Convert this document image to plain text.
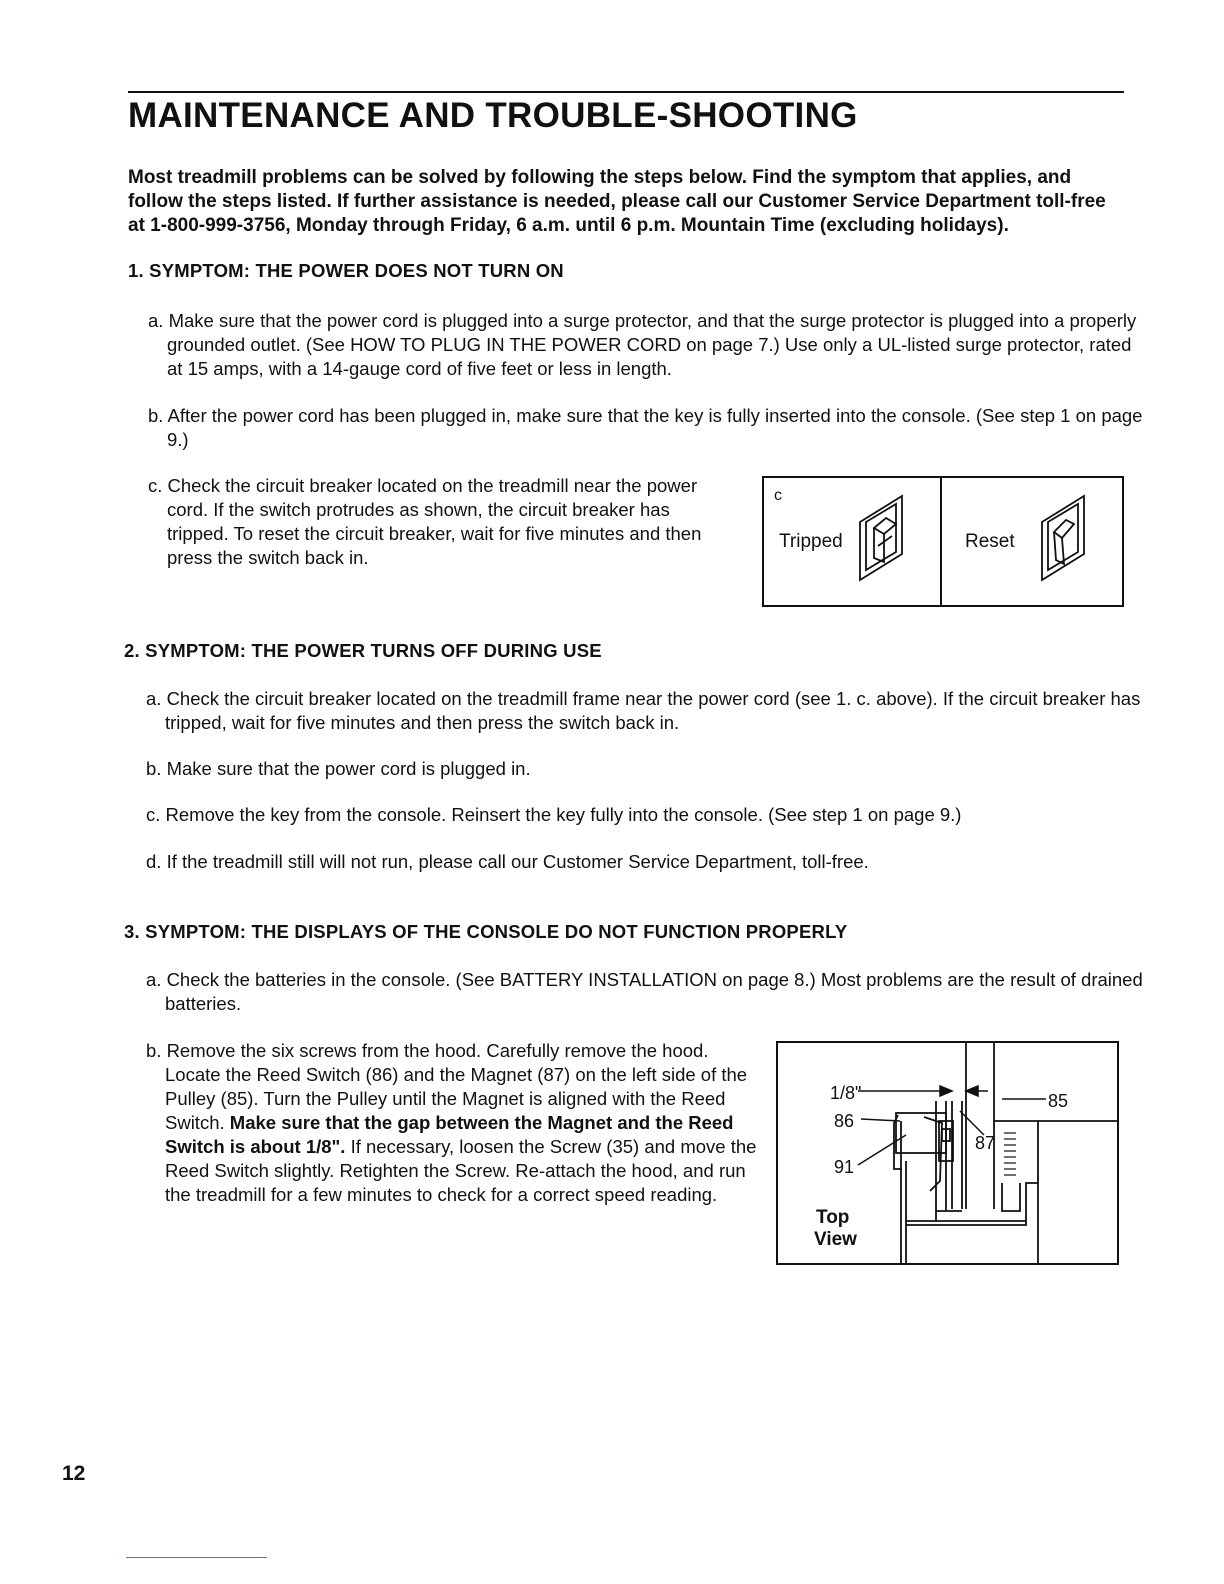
MAINTENANCE AND TROUBLE-SHOOTING

Most treadmill problems can be solved by following the steps below. Find the symptom that applies, and follow the steps listed. If further assistance is needed, please call our Customer Service Department toll-free at 1-800-999-3756, Monday through Friday, 6 a.m. until 6 p.m. Mountain Time (excluding holidays).

1. SYMPTOM: THE POWER DOES NOT TURN ON

a. Make sure that the power cord is plugged into a surge protector, and that the surge protector is plugged into a properly grounded outlet. (See HOW TO PLUG IN THE POWER CORD on page 7.) Use only a UL-listed surge protector, rated at 15 amps, with a 14-gauge cord of five feet or less in length.

b. After the power cord has been plugged in, make sure that the key is fully inserted into the console. (See step 1 on page 9.)

c. Check the circuit breaker located on the treadmill near the power cord. If the switch protrudes as shown, the circuit breaker has tripped. To reset the circuit breaker, wait for five minutes and then press the switch back in.

c
Tripped	Reset

2. SYMPTOM: THE POWER TURNS OFF DURING USE

a. Check the circuit breaker located on the treadmill frame near the power cord (see 1. c. above). If the circuit breaker has tripped, wait for five minutes and then press the switch back in.

b. Make sure that the power cord is plugged in.

c. Remove the key from the console. Reinsert the key fully into the console. (See step 1 on page 9.)

d. If the treadmill still will not run, please call our Customer Service Department, toll-free.

3. SYMPTOM: THE DISPLAYS OF THE CONSOLE DO NOT FUNCTION PROPERLY

a. Check the batteries in the console. (See BATTERY INSTALLATION on page 8.) Most problems are the result of drained batteries.

b. Remove the six screws from the hood. Carefully remove the hood. Locate the Reed Switch (86) and the Magnet (87) on the left side of the Pulley (85). Turn the Pulley until the Magnet is aligned with the Reed Switch. Make sure that the gap between the Magnet and the Reed Switch is about 1/8". If necessary, loosen the Screw (35) and move the Reed Switch slightly. Retighten the Screw. Re-attach the hood, and run the treadmill for a few minutes to check for a correct speed reading.

1/8"	85
86
87
91
Top
View

12
